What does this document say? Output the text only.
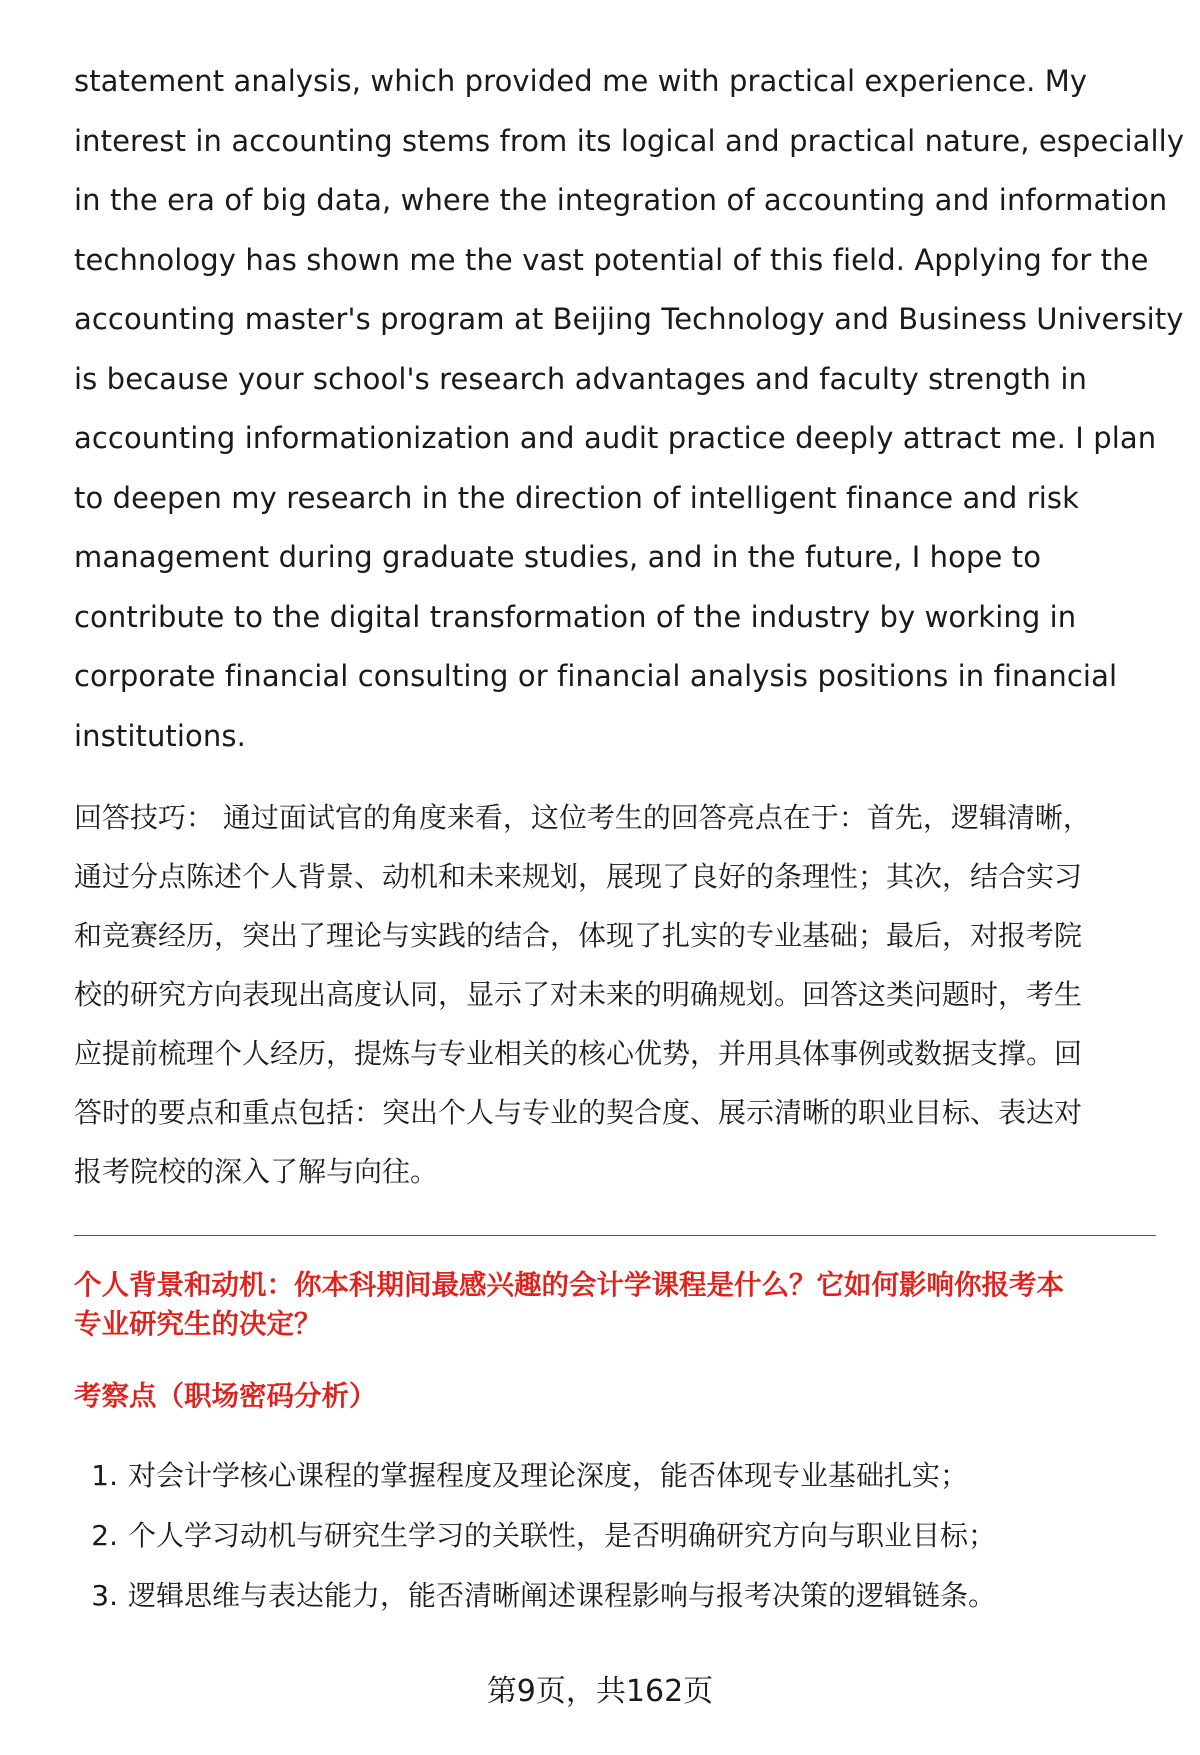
statement analysis, which provided me with practical experience. My
interest in accounting stems from its logical and practical nature, especially
in the era of big data, where the integration of accounting and information
technology has shown me the vast potential of this field. Applying for the
accounting master's program at Beijing Technology and Business University
is because your school's research advantages and faculty strength in
accounting informationization and audit practice deeply attract me. I plan
to deepen my research in the direction of intelligent finance and risk
management during graduate studies, and in the future, I hope to
contribute to the digital transformation of the industry by working in
corporate financial consulting or financial analysis positions in financial
institutions.
回答技巧： 通过面试官的角度来看，这位考生的回答亮点在于：首先，逻辑清晰，
通过分点陈述个人背景、动机和未来规划，展现了良好的条理性；其次，结合实习
和竞赛经历，突出了理论与实践的结合，体现了扎实的专业基础；最后，对报考院
校的研究方向表现出高度认同，显示了对未来的明确规划。回答这类问题时，考生
应提前梳理个人经历，提炼与专业相关的核心优势，并用具体事例或数据支撑。回
答时的要点和重点包括：突出个人与专业的契合度、展示清晰的职业目标、表达对
报考院校的深入了解与向往。
个人背景和动机：你本科期间最感兴趣的会计学课程是什么？它如何影响你报考本
专业研究生的决定？
考察点（职场密码分析）
1. 对会计学核心课程的掌握程度及理论深度，能否体现专业基础扎实；
2. 个人学习动机与研究生学习的关联性，是否明确研究方向与职业目标；
3. 逻辑思维与表达能力，能否清晰阐述课程影响与报考决策的逻辑链条。
第9页，共162页
